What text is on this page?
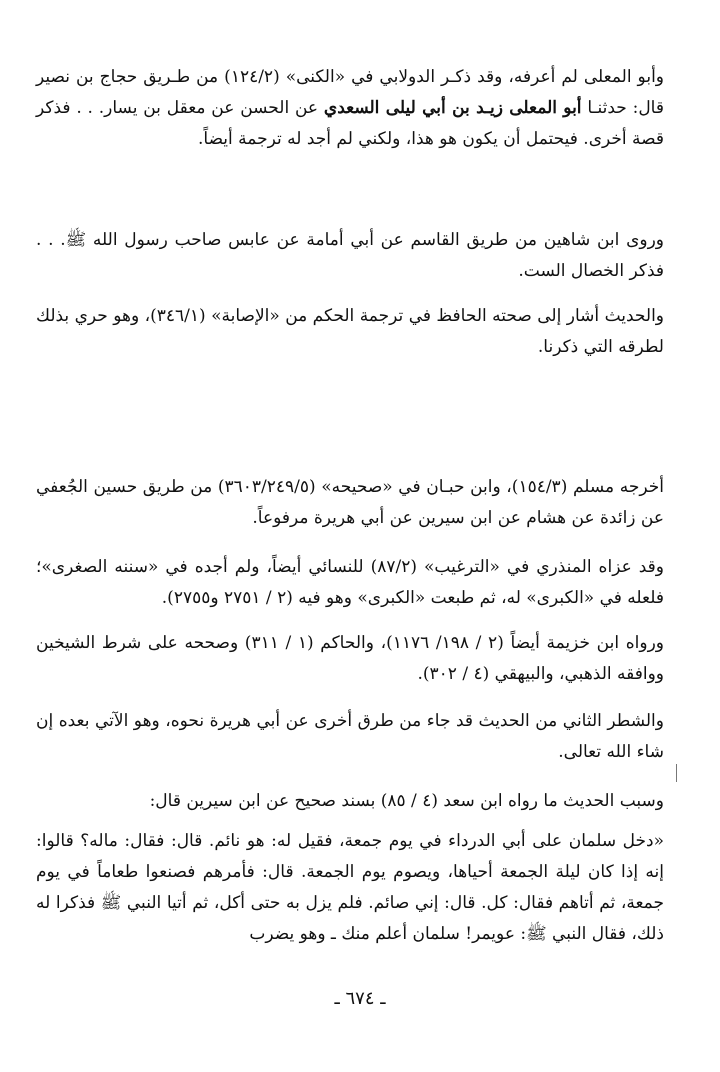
وأبو المعلى لم أعرفه، وقد ذكـر الدولابي في «الكنى» (١٢٤/٢) من طـريق حجاج بن نصير قال: حدثنـا أبو المعلى زيـد بن أبي ليلى السعدي عن الحسن عن معقل بن يسار. . . فذكر قصة أخرى. فيحتمل أن يكون هو هذا، ولكني لم أجد له ترجمة أيضاً.

وروى ابن شاهين من طريق القاسم عن أبي أمامة عن عابس صاحب رسول الله ﷺ. . . فذكر الخصال الست.

والحديث أشار إلى صحته الحافظ في ترجمة الحكم من «الإصابة» (٣٤٦/١)، وهو حري بذلك لطرقه التي ذكرنا.

أخرجه مسلم (١٥٤/٣)، وابن حبـان في «صحيحه» (٣٦٠٣/٢٤٩/٥) من طريق حسين الجُعفي عن زائدة عن هشام عن ابن سيرين عن أبي هريرة مرفوعاً.

وقد عزاه المنذري في «الترغيب» (٨٧/٢) للنسائي أيضاً، ولم أجده في «سننه الصغرى»؛ فلعله في «الكبرى» له، ثم طبعت «الكبرى» وهو فيه (٢ / ٢٧٥١ و٢٧٥٥).

ورواه ابن خزيمة أيضاً (٢ / ١٩٨/ ١١٧٦)، والحاكم (١ / ٣١١) وصححه على شرط الشيخين ووافقه الذهبي، والبيهقي (٤ / ٣٠٢).

والشطر الثاني من الحديث قد جاء من طرق أخرى عن أبي هريرة نحوه، وهو الآتي بعده إن شاء الله تعالى.

وسبب الحديث ما رواه ابن سعد (٤ / ٨٥) بسند صحيح عن ابن سيرين قال:

«دخل سلمان على أبي الدرداء في يوم جمعة، فقيل له: هو نائم. قال: فقال: ماله؟ قالوا: إنه إذا كان ليلة الجمعة أحياها، ويصوم يوم الجمعة. قال: فأمرهم فصنعوا طعاماً في يوم جمعة، ثم أتاهم فقال: كل. قال: إني صائم. فلم يزل به حتى أكل، ثم أتيا النبي ﷺ فذكرا له ذلك، فقال النبي ﷺ: عويمر! سلمان أعلم منك ـ وهو يضرب

ـ ٦٧٤ ـ
